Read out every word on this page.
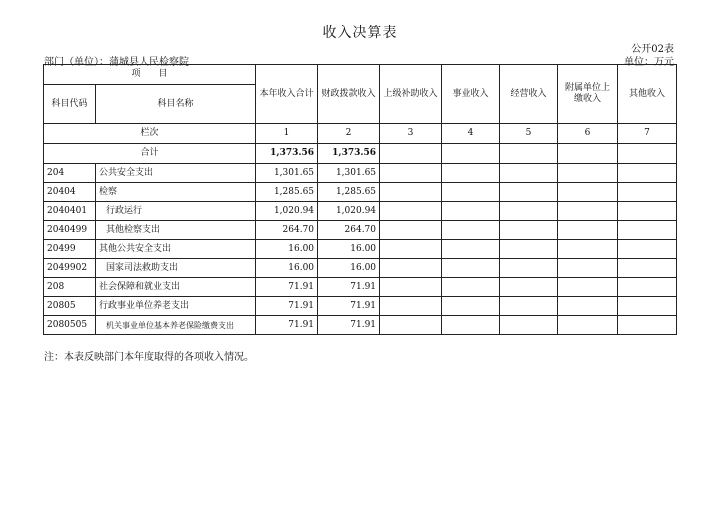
收入决算表
公开02表
部门（单位）：蒲城县人民检察院	单位：万元
项　　目		本年收入合计	财政拨款收入	上级补助收入	事业收入	经营收入	附属单位上缴收入	其他收入
科目代码	科目名称							
栏次		1	2	3	4	5	6	7
合计		1,373.56	1,373.56					
204	公共安全支出	1,301.65	1,301.65					
20404	检察	1,285.65	1,285.65					
2040401	行政运行	1,020.94	1,020.94					
2040499	其他检察支出	264.70	264.70					
20499	其他公共安全支出	16.00	16.00					
2049902	国家司法救助支出	16.00	16.00					
208	社会保障和就业支出	71.91	71.91					
20805	行政事业单位养老支出	71.91	71.91					
2080505	机关事业单位基本养老保险缴费支出	71.91	71.91					
注：本表反映部门本年度取得的各项收入情况。
